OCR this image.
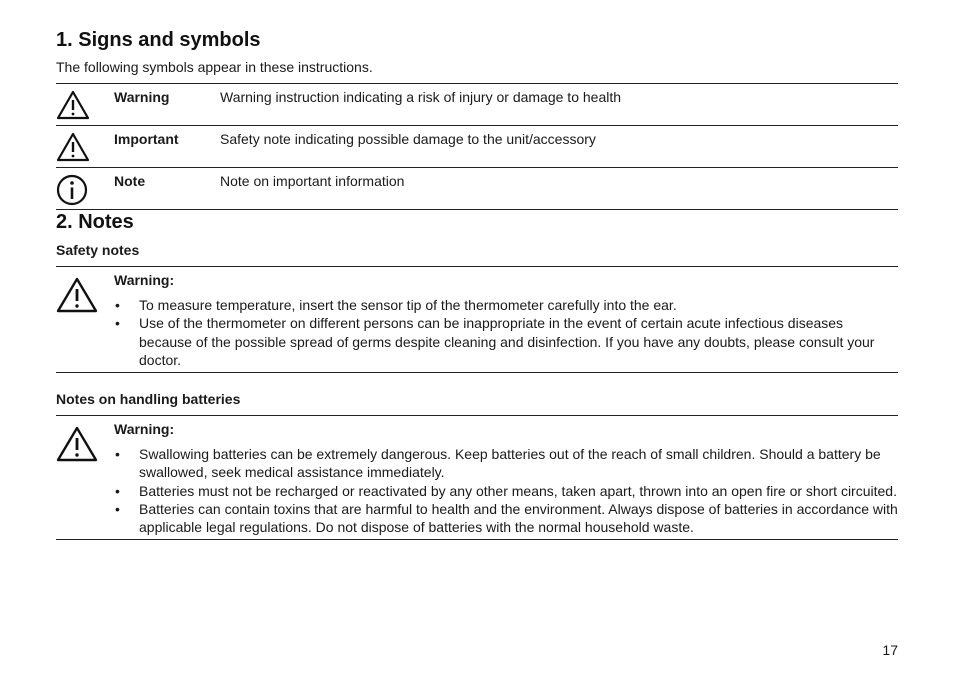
1. Signs and symbols
The following symbols appear in these instructions.
Warning	Warning instruction indicating a risk of injury or damage to health
Important	Safety note indicating possible damage to the unit/accessory
Note	Note on important information
2. Notes
Safety notes
Warning:
• To measure temperature, insert the sensor tip of the thermometer carefully into the ear.
• Use of the thermometer on different persons can be inappropriate in the event of certain acute infectious diseases because of the possible spread of germs despite cleaning and disinfection. If you have any doubts, please consult your doctor.
Notes on handling batteries
Warning:
• Swallowing batteries can be extremely dangerous. Keep batteries out of the reach of small children. Should a battery be swallowed, seek medical assistance immediately.
• Batteries must not be recharged or reactivated by any other means, taken apart, thrown into an open fire or short circuited.
• Batteries can contain toxins that are harmful to health and the environment. Always dispose of batteries in accordance with applicable legal regulations. Do not dispose of batteries with the normal household waste.
17
